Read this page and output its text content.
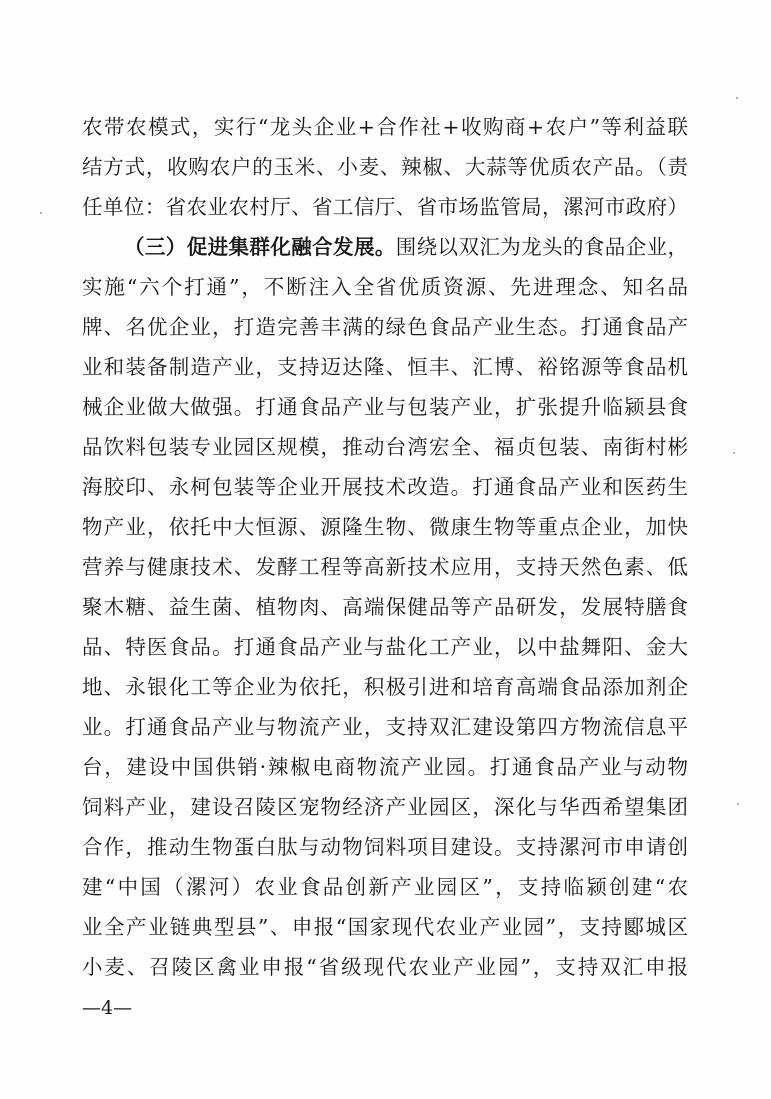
农带农模式，实行“龙头企业+合作社+收购商+农户”等利益联
结方式，收购农户的玉米、小麦、辣椒、大蒜等优质农产品。（责
任单位：省农业农村厅、省工信厅、省市场监管局，漯河市政府）
（三）促进集群化融合发展。围绕以双汇为龙头的食品企业，
实施“六个打通”，不断注入全省优质资源、先进理念、知名品
牌、名优企业，打造完善丰满的绿色食品产业生态。打通食品产
业和装备制造产业，支持迈达隆、恒丰、汇博、裕铭源等食品机
械企业做大做强。打通食品产业与包装产业，扩张提升临颍县食
品饮料包装专业园区规模，推动台湾宏全、福贞包装、南街村彬
海胶印、永柯包装等企业开展技术改造。打通食品产业和医药生
物产业，依托中大恒源、源隆生物、微康生物等重点企业，加快
营养与健康技术、发酵工程等高新技术应用，支持天然色素、低
聚木糖、益生菌、植物肉、高端保健品等产品研发，发展特膳食
品、特医食品。打通食品产业与盐化工产业，以中盐舞阳、金大
地、永银化工等企业为依托，积极引进和培育高端食品添加剂企
业。打通食品产业与物流产业，支持双汇建设第四方物流信息平
台，建设中国供销·辣椒电商物流产业园。打通食品产业与动物
饲料产业，建设召陵区宠物经济产业园区，深化与华西希望集团
合作，推动生物蛋白肽与动物饲料项目建设。支持漯河市申请创
建“中国（漯河）农业食品创新产业园区”，支持临颍创建“农
业全产业链典型县”、申报“国家现代农业产业园”，支持郾城区
小麦、召陵区禽业申报“省级现代农业产业园”，支持双汇申报
—4—
